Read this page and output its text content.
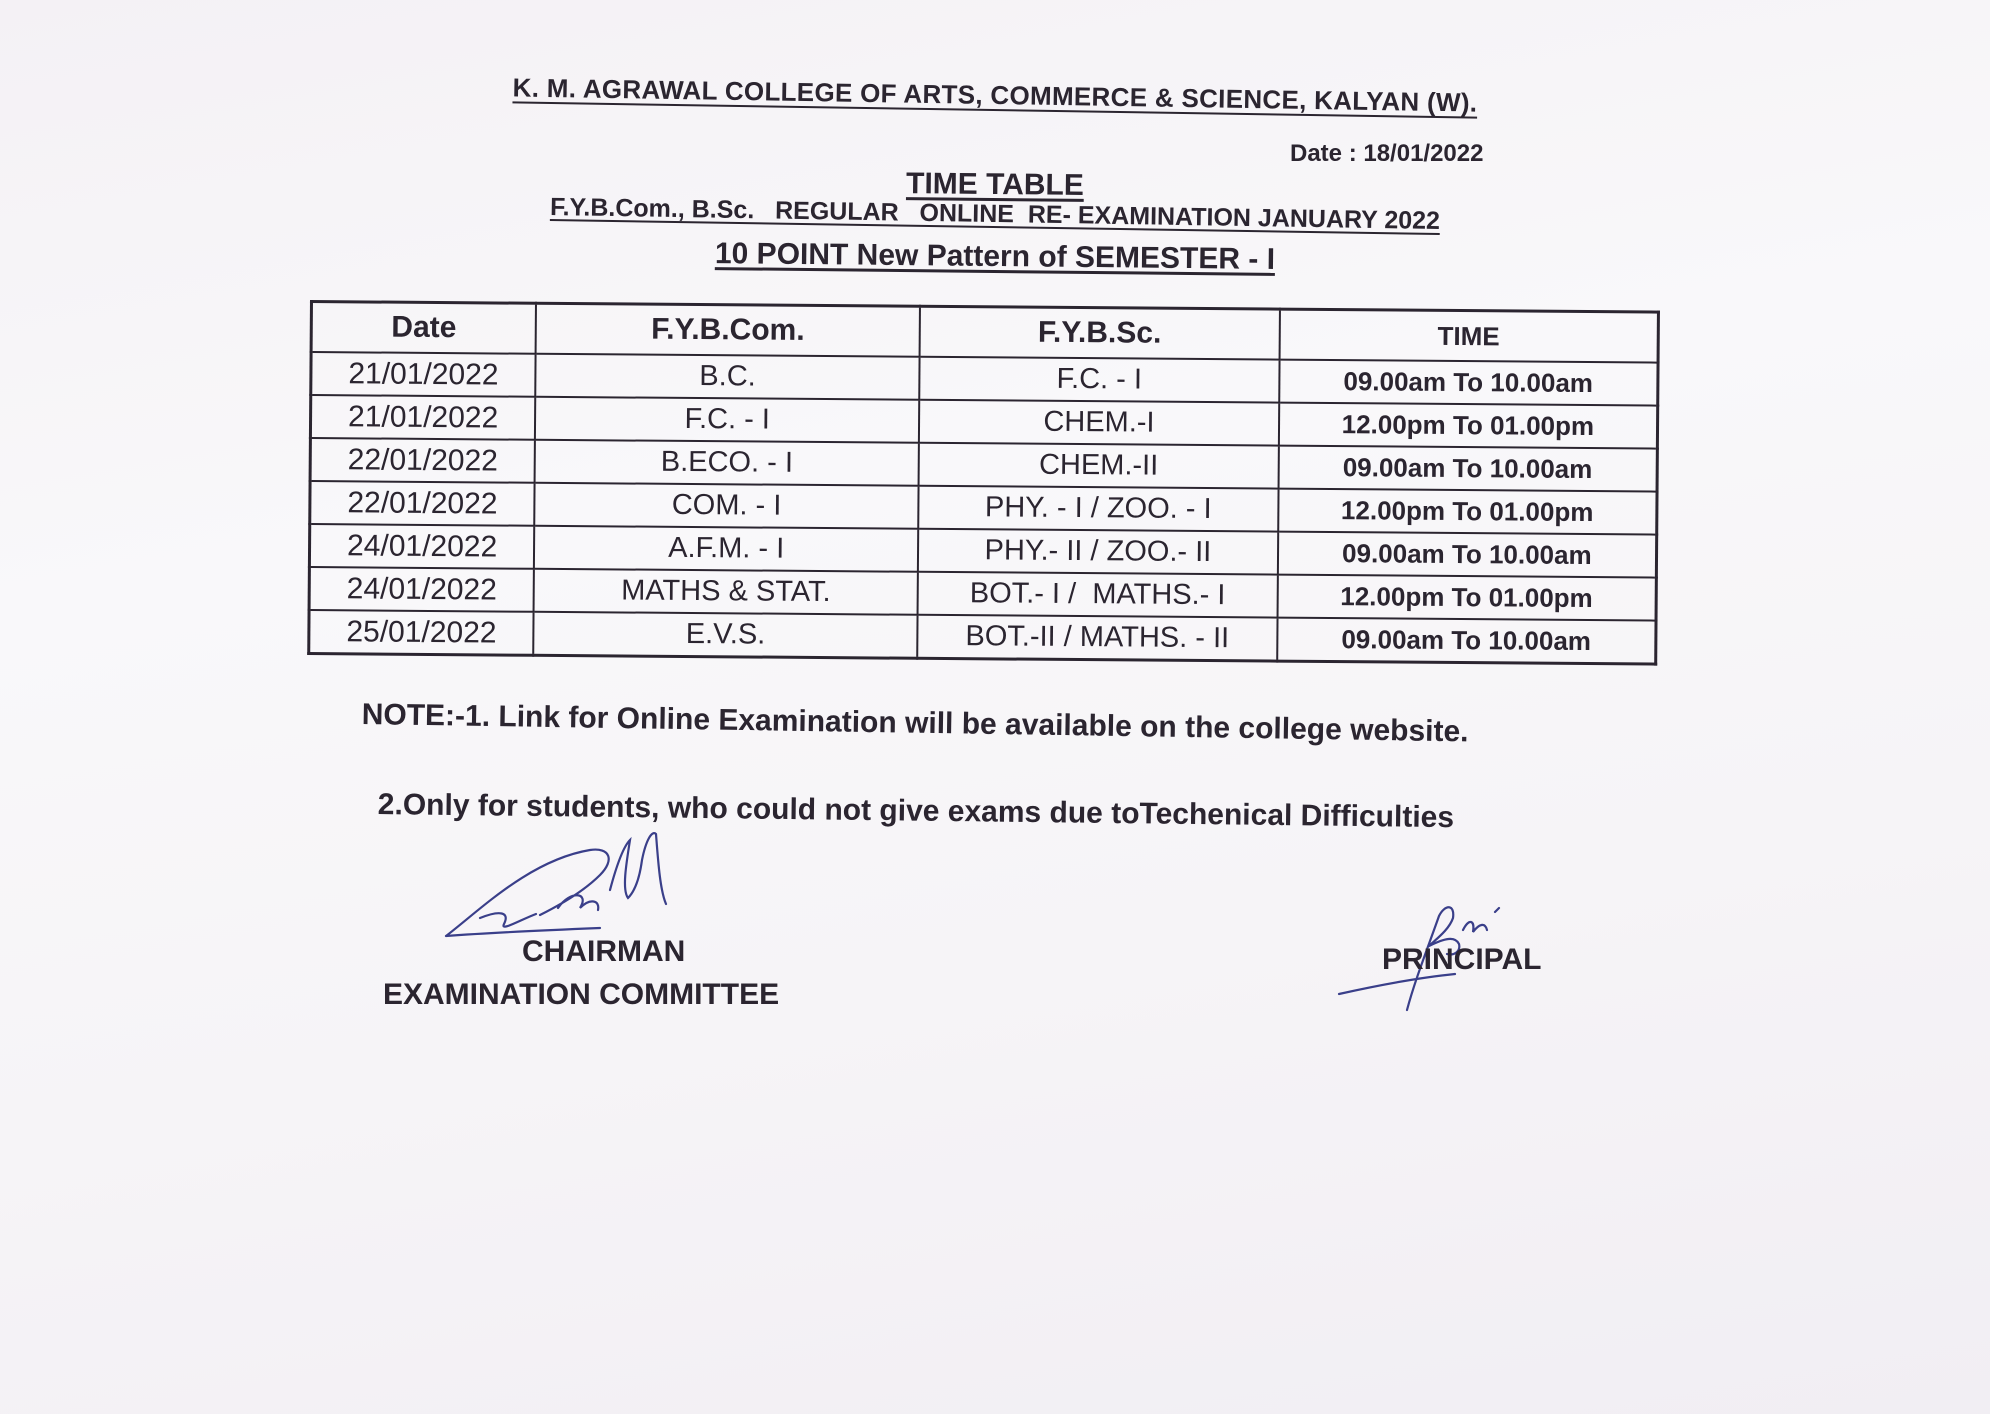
K. M. AGRAWAL COLLEGE OF ARTS, COMMERCE & SCIENCE, KALYAN (W).
Date : 18/01/2022
TIME TABLE
F.Y.B.Com., B.Sc.   REGULAR   ONLINE  RE- EXAMINATION JANUARY 2022
10 POINT New Pattern of SEMESTER - I
Date	F.Y.B.Com.	F.Y.B.Sc.	TIME
21/01/2022	B.C.	F.C. - I	09.00am To 10.00am
21/01/2022	F.C. - I	CHEM.-I	12.00pm To 01.00pm
22/01/2022	B.ECO. - I	CHEM.-II	09.00am To 10.00am
22/01/2022	COM. - I	PHY. - I / ZOO. - I	12.00pm To 01.00pm
24/01/2022	A.F.M. - I	PHY.- II / ZOO.- II	09.00am To 10.00am
24/01/2022	MATHS & STAT.	BOT.- I /  MATHS.- I	12.00pm To 01.00pm
25/01/2022	E.V.S.	BOT.-II / MATHS. - II	09.00am To 10.00am
NOTE:-1. Link for Online Examination will be available on the college website.
2.Only for students, who could not give exams due toTechenical Difficulties
CHAIRMAN
EXAMINATION COMMITTEE
PRINCIPAL
